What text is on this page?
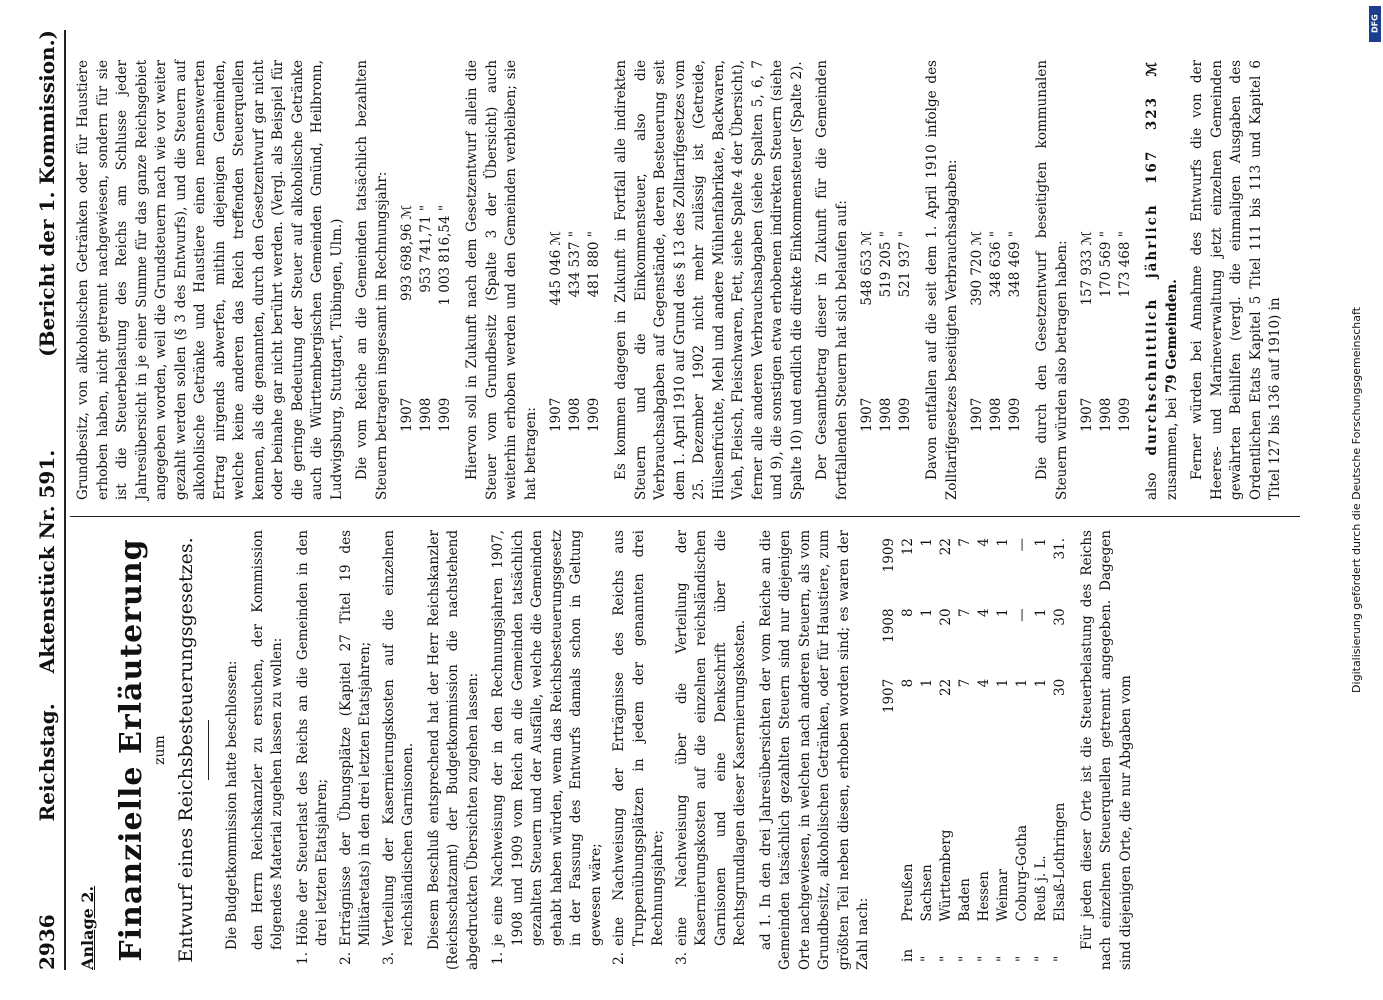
DFG
Digitalisierung gefördert durch die Deutsche Forschungsgemeinschaft
2936
Reichstag.
Aktenstück Nr. 591.
(Bericht der 1. Kommission.)
Anlage 2. Finanzielle Erläuterung zum Entwurf eines Reichsbesteuerungsgesetzes. Die Budgetkommission hatte beschlossen: den Herrn Reichskanzler zu ersuchen, der Kommission folgendes Material zugehen lassen zu wollen:

1.
Höhe der Steuerlast des Reichs an die Gemeinden in den drei letzten Etatsjahren;
2.
Erträgnisse der Übungsplätze (Kapitel 27 Titel 19 des Militäretats) in den drei letzten Etatsjahren;
3.
Verteilung der Kasernierungskosten auf die einzelnen reichsländischen Garnisonen. Diesem Beschluß entsprechend hat der Herr Reichskanzler (Reichsschatzamt) der Budgetkommission die nachstehend abgedruckten Übersichten zugehen lassen: 1.
je eine Nachweisung der in den Rechnungsjahren 1907, 1908 und 1909 vom Reich an die Gemeinden tatsächlich gezahlten Steuern und der Ausfälle, welche die Gemeinden gehabt haben würden, wenn das Reichsbesteuerungsgesetz in der Fassung des Entwurfs damals schon in Geltung gewesen wäre;
2.
eine Nachweisung der Erträgnisse des Reichs aus Truppenübungsplätzen in jedem der genannten drei Rechnungsjahre;
3.
eine Nachweisung über die Verteilung der Kasernierungskosten auf die einzelnen reichsländischen Garnisonen und eine Denkschrift über die Rechtsgrundlagen dieser Kasernierungskosten. ad 1. In den drei Jahresübersichten der vom Reiche an die Gemeinden tatsächlich gezahlten Steuern sind nur diejenigen Orte nachgewiesen, in welchen nach anderen Steuern, als vom Grundbesitz, alkoholischen Getränken, oder für Haustiere, zum größten Teil neben diesen, erhoben worden sind; es waren der Zahl nach:

		1907	1908	1909
in	Preußen	8	8	12
"	Sachsen	1	1	1
"	Württemberg	22	20	22
"	Baden	7	7	7
"	Hessen	4	4	4
"	Weimar	1	1	1
"	Coburg-Gotha	1	—	—
"	Reuß j. L.	1	1	1
"	Elsaß-Lothringen	30	30	31. Für jeden dieser Orte ist die Steuerbelastung des Reichs nach einzelnen Steuerquellen getrennt angegeben. Dagegen sind diejenigen Orte, die nur Abgaben vom

Grundbesitz, von alkoholischen Getränken oder für Haustiere erhoben haben, nicht getrennt nachgewiesen, sondern für sie ist die Steuerbelastung des Reichs am Schlusse jeder Jahresübersicht in je einer Summe für das ganze Reichsgebiet angegeben worden, weil die Grundsteuern nach wie vor weiter gezahlt werden sollen (§ 3 des Entwurfs), und die Steuern auf alkoholische Getränke und Haustiere einen nennenswerten Ertrag nirgends abwerfen, mithin diejenigen Gemeinden, welche keine anderen das Reich treffenden Steuerquellen kennen, als die genannten, durch den Gesetzentwurf gar nicht oder beinahe gar nicht berührt werden. (Vergl. als Beispiel für die geringe Bedeutung der Steuer auf alkoholische Getränke auch die Württembergischen Gemeinden Gmünd, Heilbronn, Ludwigsburg, Stuttgart, Tübingen, Ulm.) Die vom Reiche an die Gemeinden tatsächlich bezahlten Steuern betragen insgesamt im Rechnungsjahr: 1907		993 698,96 ℳ
1908		953 741,71 "
1909		1 003 816,54 " Hiervon soll in Zukunft nach dem Gesetzentwurf allein die Steuer vom Grundbesitz (Spalte 3 der Übersicht) auch weiterhin erhoben werden und den Gemeinden verbleiben; sie hat betragen: 1907		445 046 ℳ
1908		434 537 "
1909		481 880 " Es kommen dagegen in Zukunft in Fortfall alle indirekten Steuern und die Einkommensteuer, also die Verbrauchsabgaben auf Gegenstände, deren Besteuerung seit dem 1. April 1910 auf Grund des § 13 des Zolltarifgesetzes vom 25. Dezember 1902 nicht mehr zulässig ist (Getreide, Hülsenfrüchte, Mehl und andere Mühlenfabrikate, Backwaren, Vieh, Fleisch, Fleischwaren, Fett, siehe Spalte 4 der Übersicht), ferner alle anderen Verbrauchsabgaben (siehe Spalten 5, 6, 7 und 9), die sonstigen etwa erhobenen indirekten Steuern (siehe Spalte 10) und endlich die direkte Einkommensteuer (Spalte 2). Der Gesamtbetrag dieser in Zukunft für die Gemeinden fortfallenden Steuern hat sich belaufen auf: 1907		548 653 ℳ
1908		519 205 "
1909		521 937 " Davon entfallen auf die seit dem 1. April 1910 infolge des Zolltarifgesetzes beseitigten Verbrauchsabgaben: 1907		390 720 ℳ
1908		348 636 "
1909		348 469 " Die durch den Gesetzentwurf beseitigten kommunalen Steuern würden also betragen haben: 1907		157 933 ℳ
1908		170 569 "
1909		173 468 "

also durchschnittlich jährlich 167 323 ℳ zusammen, bei 79 Gemeinden. Ferner würden bei Annahme des Entwurfs die von der Heeres- und Marineverwaltung jetzt einzelnen Gemeinden gewährten Beihilfen (vergl. die einmaligen Ausgaben des Ordentlichen Etats Kapitel 5 Titel 111 bis 113 und Kapitel 6 Titel 127 bis 136 auf 1910) in
